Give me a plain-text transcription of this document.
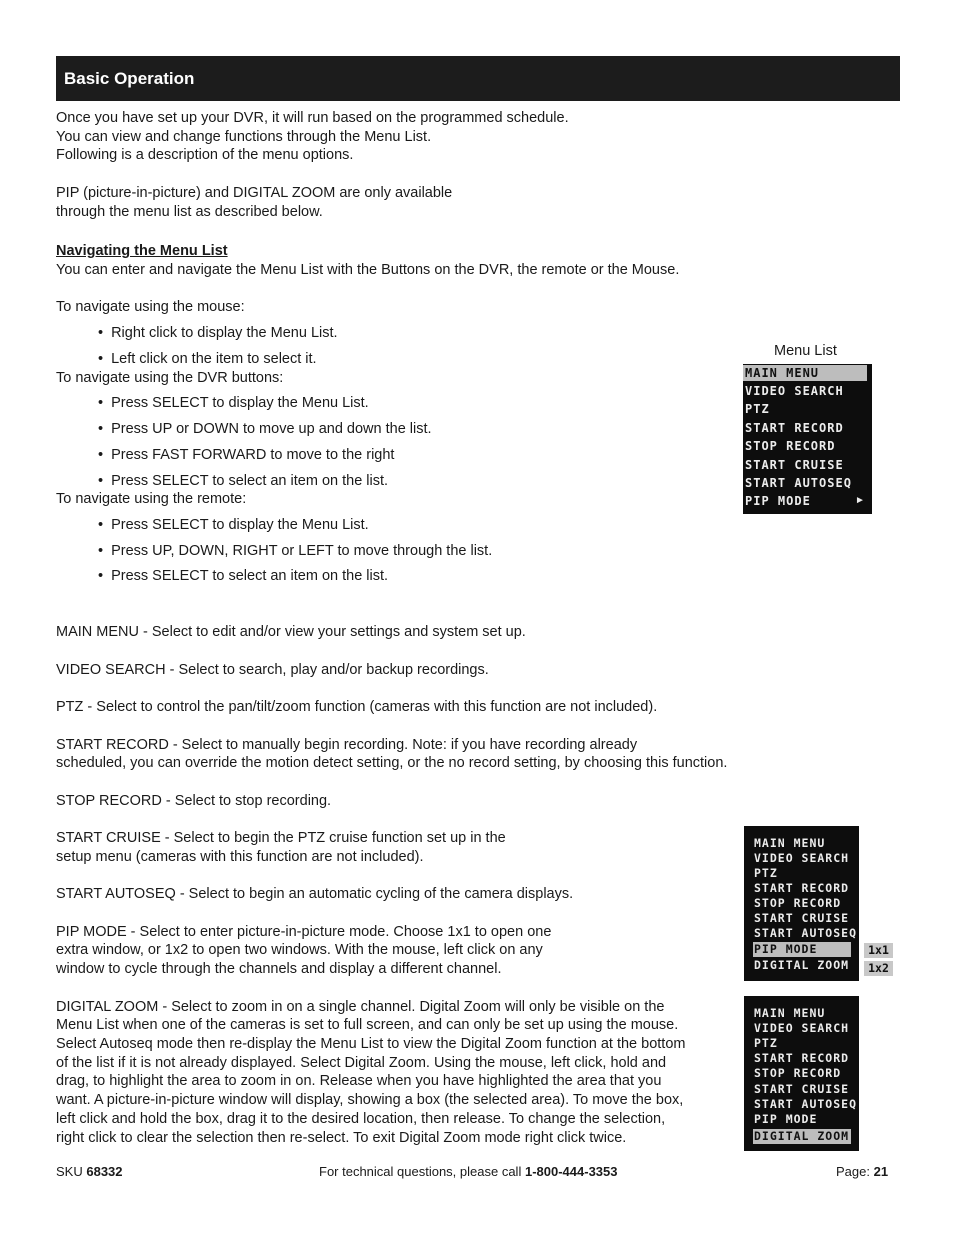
Basic Operation
Once you have set up your DVR, it will run based on the programmed schedule.
You can view and change functions through the Menu List.
Following is a description of the menu options.
PIP (picture-in-picture) and DIGITAL ZOOM are only available
through the menu list as described below.
Navigating the Menu List
You can enter and navigate the Menu List with the Buttons on the DVR, the remote or the Mouse.
To navigate using the mouse:
• Right click to display the Menu List.
• Left click on the item to select it.
To navigate using the DVR buttons:
• Press SELECT to display the Menu List.
• Press UP or DOWN to move up and down the list.
• Press FAST FORWARD to move to the right
• Press SELECT to select an item on the list.
To navigate using the remote:
• Press SELECT to display the Menu List.
• Press UP, DOWN, RIGHT or LEFT to move through the list.
• Press SELECT to select an item on the list.
Menu List
MAIN MENU
VIDEO SEARCH
PTZ
START RECORD
STOP RECORD
START CRUISE
START AUTOSEQ
PIP MODE	►
MAIN MENU - Select to edit and/or view your settings and system set up.
VIDEO SEARCH - Select to search, play and/or backup recordings.
PTZ - Select to control the pan/tilt/zoom function (cameras with this function are not included).
START RECORD - Select to manually begin recording. Note: if you have recording already
scheduled, you can override the motion detect setting, or the no record setting, by choosing this function.
STOP RECORD - Select to stop recording.
START CRUISE - Select to begin the PTZ cruise function set up in the
setup menu (cameras with this function are not included).
START AUTOSEQ - Select to begin an automatic cycling of the camera displays.
PIP MODE - Select to enter picture-in-picture mode. Choose 1x1 to open one
extra window, or 1x2 to open two windows. With the mouse, left click on any
window to cycle through the channels and display a different channel.
DIGITAL ZOOM - Select to zoom in on a single channel. Digital Zoom will only be visible on the
Menu List when one of the cameras is set to full screen, and can only be set up using the mouse.
Select Autoseq mode then re-display the Menu List to view the Digital Zoom function at the bottom
of the list if it is not already displayed. Select Digital Zoom. Using the mouse, left click, hold and
drag, to highlight the area to zoom in on. Release when you have highlighted the area that you
want. A picture-in-picture window will display, showing a box (the selected area). To move the box,
left click and hold the box, drag it to the desired location, then release. To change the selection,
right click to clear the selection then re-select. To exit Digital Zoom mode right click twice.
MAIN MENU
VIDEO SEARCH
PTZ
START RECORD
STOP RECORD
START CRUISE
START AUTOSEQ
PIP MODE
DIGITAL ZOOM
1x1
1x2
MAIN MENU
VIDEO SEARCH
PTZ
START RECORD
STOP RECORD
START CRUISE
START AUTOSEQ
PIP MODE
DIGITAL ZOOM
SKU 68332	For technical questions, please call 1-800-444-3353	Page: 21
